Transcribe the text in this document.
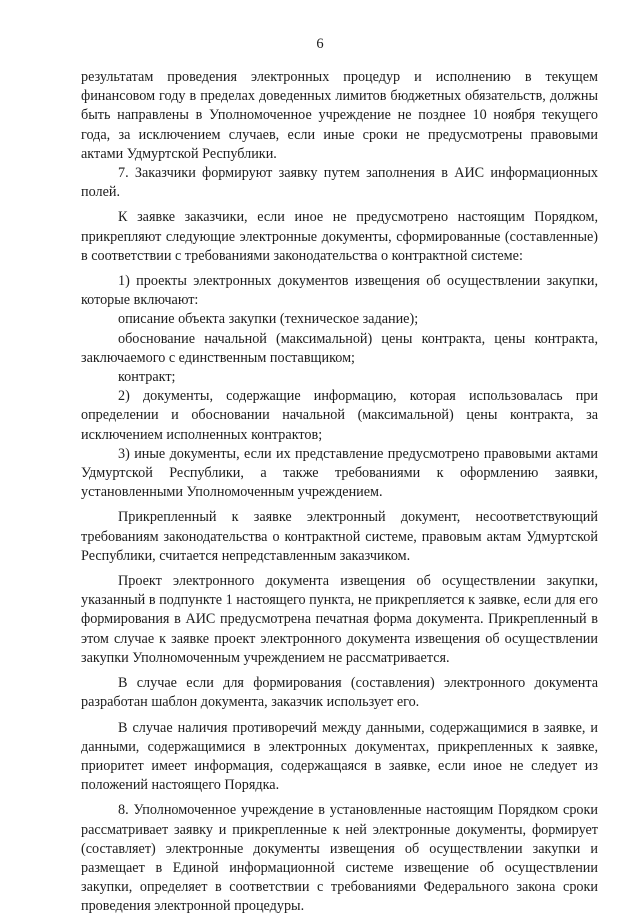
6

результатам проведения электронных процедур и исполнению в текущем финансовом году в пределах доведенных лимитов бюджетных обязательств, должны быть направлены в Уполномоченное учреждение не позднее 10 ноября текущего года, за исключением случаев, если иные сроки не предусмотрены правовыми актами Удмуртской Республики.

7. Заказчики формируют заявку путем заполнения в АИС информационных полей.

К заявке заказчики, если иное не предусмотрено настоящим Порядком, прикрепляют следующие электронные документы, сформированные (составленные) в соответствии с требованиями законодательства о контрактной системе:

1) проекты электронных документов извещения об осуществлении закупки, которые включают:

описание объекта закупки (техническое задание);

обоснование начальной (максимальной) цены контракта, цены контракта, заключаемого с единственным поставщиком;

контракт;

2) документы, содержащие информацию, которая использовалась при определении и обосновании начальной (максимальной) цены контракта, за исключением исполненных контрактов;

3) иные документы, если их представление предусмотрено правовыми актами Удмуртской Республики, а также требованиями к оформлению заявки, установленными Уполномоченным учреждением.

Прикрепленный к заявке электронный документ, несоответствующий требованиям законодательства о контрактной системе, правовым актам Удмуртской Республики, считается непредставленным заказчиком.

Проект электронного документа извещения об осуществлении закупки, указанный в подпункте 1 настоящего пункта, не прикрепляется к заявке, если для его формирования в АИС предусмотрена печатная форма документа. Прикрепленный в этом случае к заявке проект электронного документа извещения об осуществлении закупки Уполномоченным учреждением не рассматривается.

В случае если для формирования (составления) электронного документа разработан шаблон документа, заказчик использует его.

В случае наличия противоречий между данными, содержащимися в заявке, и данными, содержащимися в электронных документах, прикрепленных к заявке, приоритет имеет информация, содержащаяся в заявке, если иное не следует из положений настоящего Порядка.

8. Уполномоченное учреждение в установленные настоящим Порядком сроки рассматривает заявку и прикрепленные к ней электронные документы, формирует (составляет) электронные документы извещения об осуществлении закупки и размещает в Единой информационной системе извещение об осуществлении закупки, определяет в соответствии с требованиями Федерального закона сроки проведения электронной процедуры.
